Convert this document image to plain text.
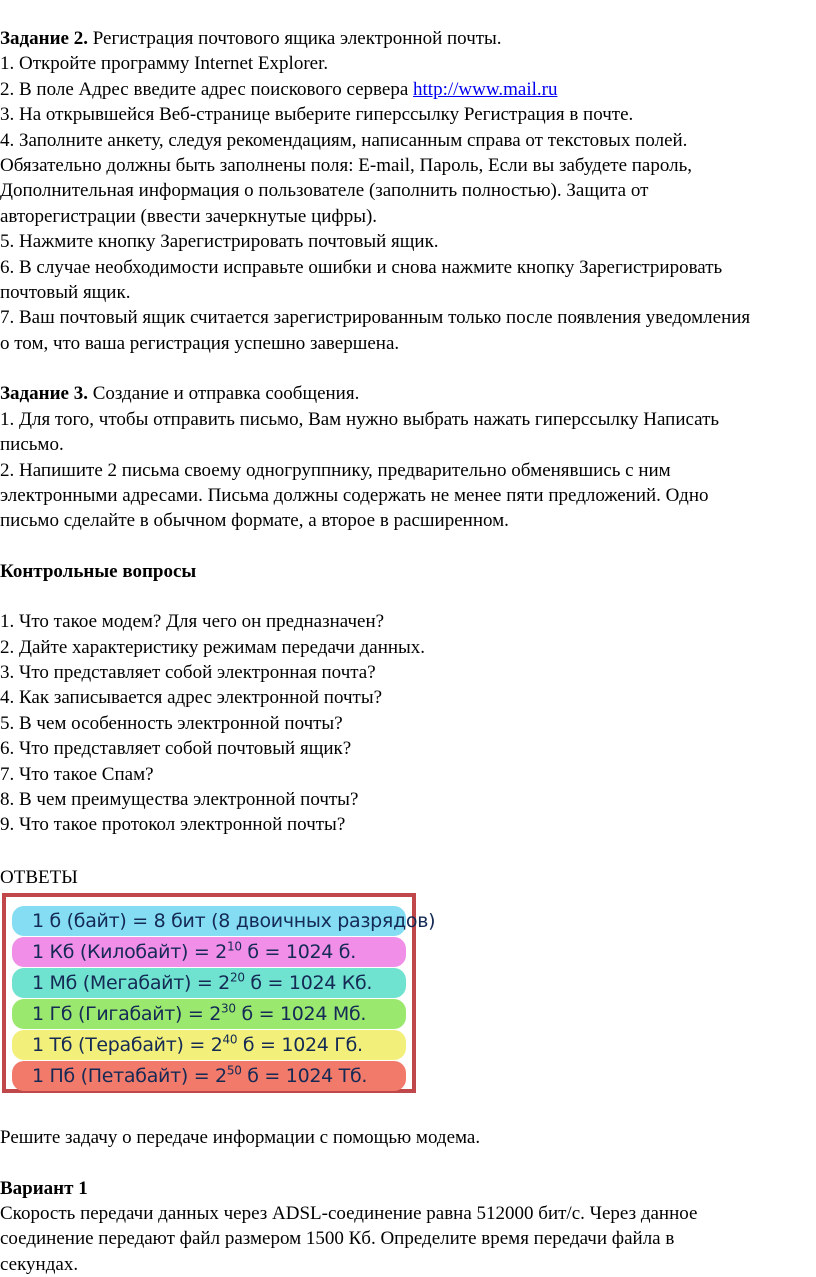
Задание 2. Регистрация почтового ящика электронной почты.
1. Откройте программу Internet Explorer.
2. В поле Адрес введите адрес поискового сервера http://www.mail.ru
3. На открывшейся Веб-странице выберите гиперссылку Регистрация в почте.
4. Заполните анкету, следуя рекомендациям, написанным справа от текстовых полей.
Обязательно должны быть заполнены поля: E-mail, Пароль, Если вы забудете пароль,
Дополнительная информация о пользователе (заполнить полностью). Защита от
авторегистрации (ввести зачеркнутые цифры).
5. Нажмите кнопку Зарегистрировать почтовый ящик.
6. В случае необходимости исправьте ошибки и снова нажмите кнопку Зарегистрировать
почтовый ящик.
7. Ваш почтовый ящик считается зарегистрированным только после появления уведомления
о том, что ваша регистрация успешно завершена.
Задание 3. Создание и отправка сообщения.
1. Для того, чтобы отправить письмо, Вам нужно выбрать нажать гиперссылку Написать
письмо.
2. Напишите 2 письма своему одногруппнику, предварительно обменявшись с ним
электронными адресами. Письма должны содержать не менее пяти предложений. Одно
письмо сделайте в обычном формате, а второе в расширенном.
Контрольные вопросы
1. Что такое модем? Для чего он предназначен?
2. Дайте характеристику режимам передачи данных.
3. Что представляет собой электронная почта?
4. Как записывается адрес электронной почты?
5. В чем особенность электронной почты?
6. Что представляет собой почтовый ящик?
7. Что такое Спам?
8. В чем преимущества электронной почты?
9. Что такое протокол электронной почты?
ОТВЕТЫ
1 б (байт) = 8 бит (8 двоичных разрядов)
1 Кб (Килобайт) = $2^{10}$ б = 1024 б.
1 Мб (Мегабайт) = $2^{20}$ б = 1024 Кб.
1 Гб (Гигабайт) = $2^{30}$ б = 1024 Мб.
1 Тб (Терабайт) = $2^{40}$ б = 1024 Гб.
1 Пб (Петабайт) = $2^{50}$ б = 1024 Тб.
Решите задачу о передаче информации с помощью модема.
Вариант 1
Скорость передачи данных через ADSL-соединение равна 512000 бит/с. Через данное
соединение передают файл размером 1500 Кб. Определите время передачи файла в
секундах.
